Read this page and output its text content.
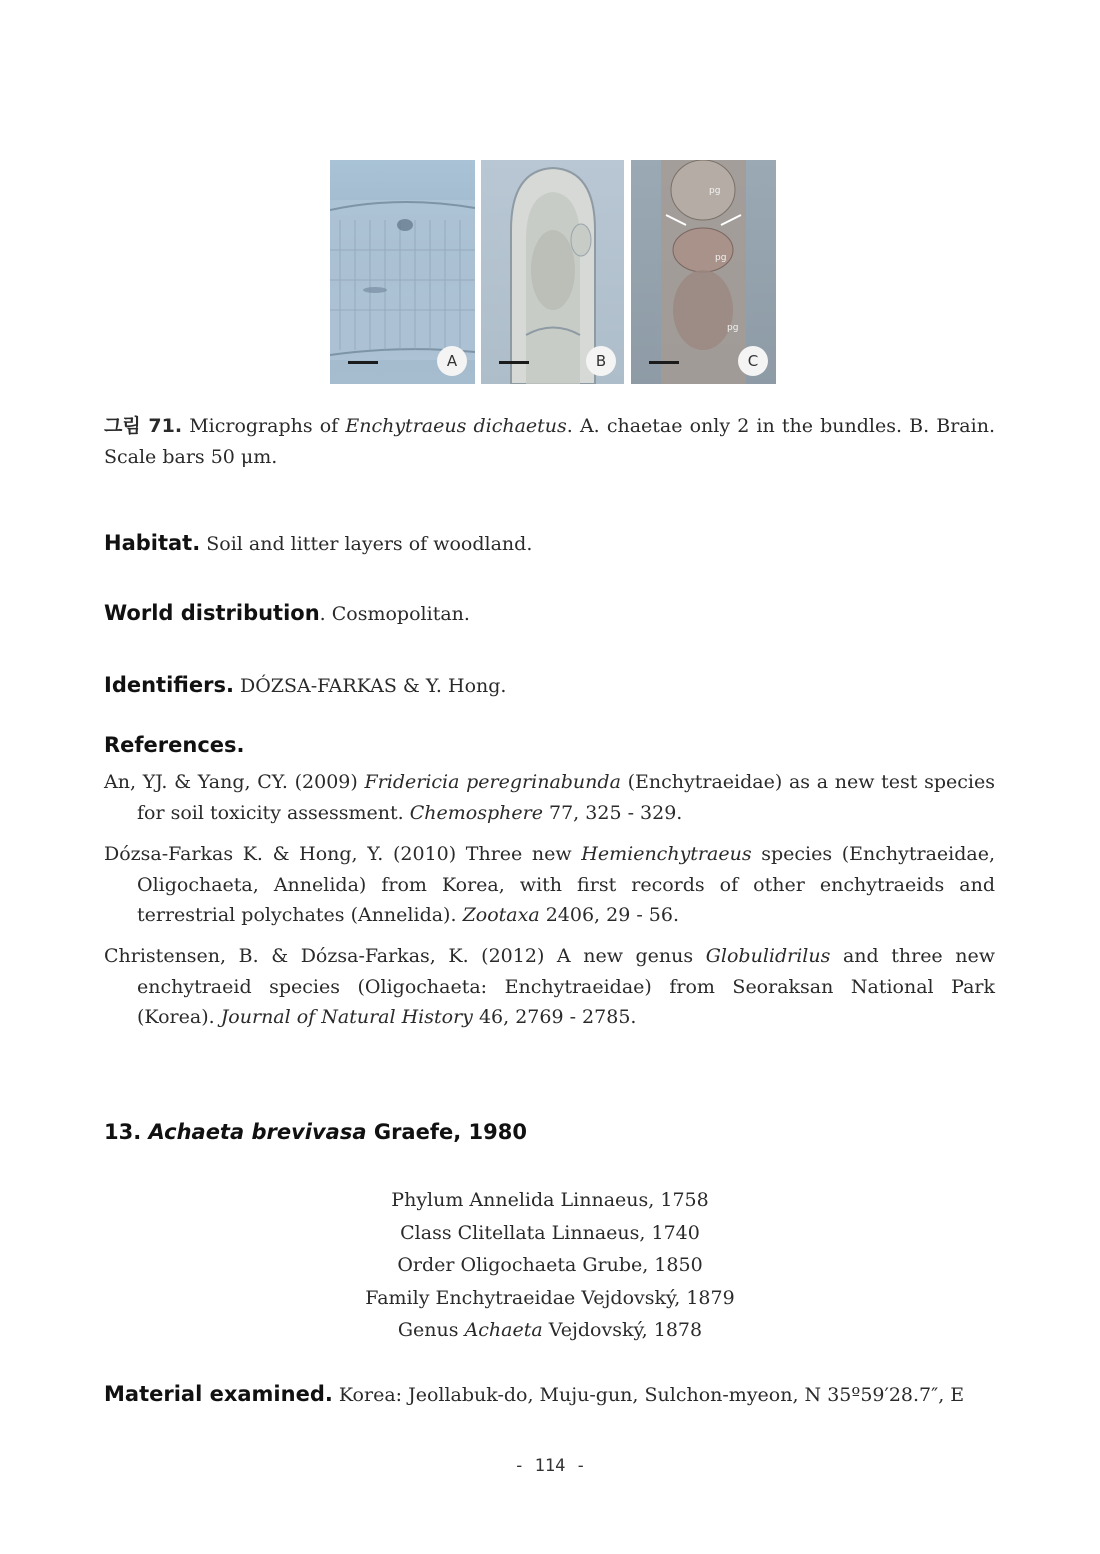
A	B
pg
pg
pg
C
그림 71. Micrographs of Enchytraeus dichaetus. A. chaetae only 2 in the bundles. B. Brain. Scale bars 50 μm.
Habitat. Soil and litter layers of woodland.
World distribution. Cosmopolitan.
Identifiers. DÓZSA-FARKAS & Y. Hong.
References.
An, YJ. & Yang, CY. (2009) Fridericia peregrinabunda (Enchytraeidae) as a new test species for soil toxicity assessment. Chemosphere 77, 325 - 329.
Dózsa-Farkas K. & Hong, Y. (2010) Three new Hemienchytraeus species (Enchytraeidae, Oligochaeta, Annelida) from Korea, with first records of other enchytraeids and terrestrial polychates (Annelida). Zootaxa 2406, 29 - 56.
Christensen, B. & Dózsa-Farkas, K. (2012) A new genus Globulidrilus and three new enchytraeid species (Oligochaeta: Enchytraeidae) from Seoraksan National Park (Korea). Journal of Natural History 46, 2769 - 2785.
13. Achaeta brevivasa Graefe, 1980
Phylum Annelida Linnaeus, 1758
Class Clitellata Linnaeus, 1740
Order Oligochaeta Grube, 1850
Family Enchytraeidae Vejdovský, 1879
Genus Achaeta Vejdovský, 1878
Material examined. Korea: Jeollabuk-do, Muju-gun, Sulchon-myeon, N 35º59′28.7″, E
- 114 -
